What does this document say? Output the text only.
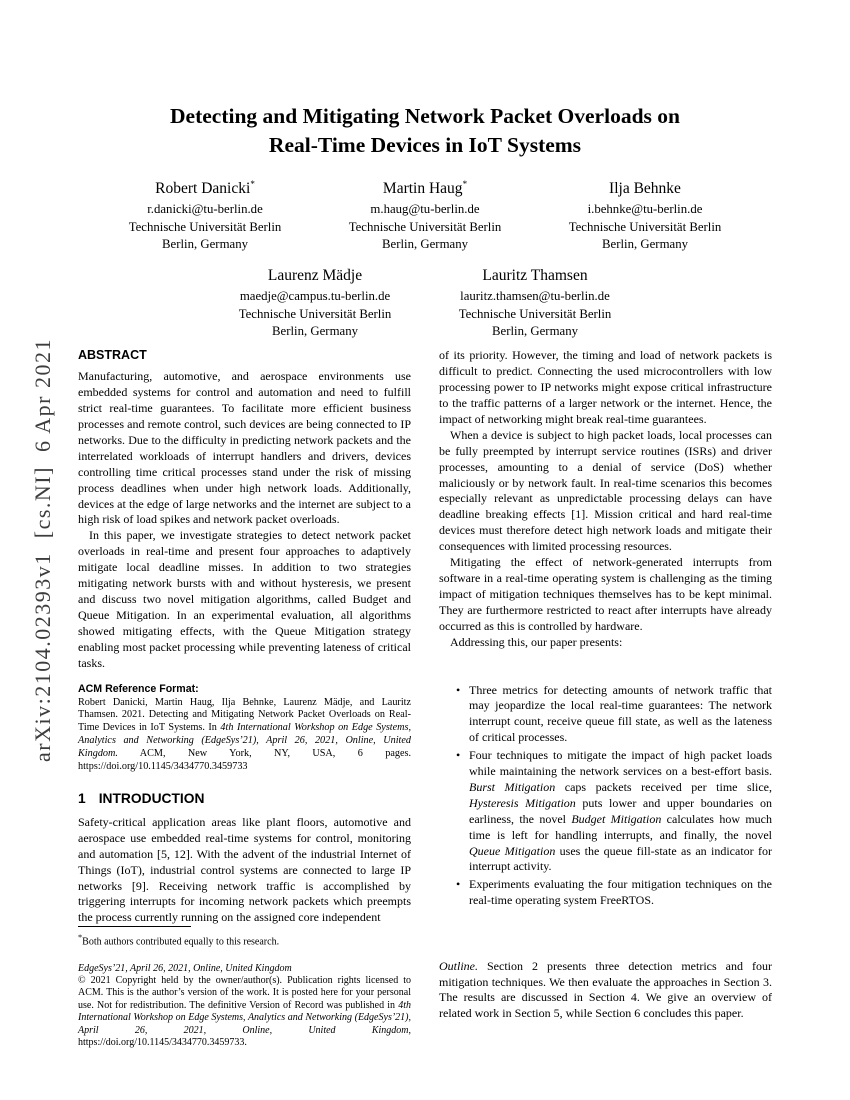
arXiv:2104.02393v1  [cs.NI]  6 Apr 2021
Detecting and Mitigating Network Packet Overloads on
Real-Time Devices in IoT Systems
Robert Danicki*
r.danicki@tu-berlin.de
Technische Universität Berlin
Berlin, Germany
Martin Haug*
m.haug@tu-berlin.de
Technische Universität Berlin
Berlin, Germany
Ilja Behnke
i.behnke@tu-berlin.de
Technische Universität Berlin
Berlin, Germany
Laurenz Mädje
maedje@campus.tu-berlin.de
Technische Universität Berlin
Berlin, Germany
Lauritz Thamsen
lauritz.thamsen@tu-berlin.de
Technische Universität Berlin
Berlin, Germany
ABSTRACT

Manufacturing, automotive, and aerospace environments use embedded systems for control and automation and need to fulfill strict real-time guarantees. To facilitate more efficient business processes and remote control, such devices are being connected to IP networks. Due to the difficulty in predicting network packets and the interrelated workloads of interrupt handlers and drivers, devices controlling time critical processes stand under the risk of missing process deadlines when under high network loads. Additionally, devices at the edge of large networks and the internet are subject to a high risk of load spikes and network packet overloads.

In this paper, we investigate strategies to detect network packet overloads in real-time and present four approaches to adaptively mitigate local deadline misses. In addition to two strategies mitigating network bursts with and without hysteresis, we present and discuss two novel mitigation algorithms, called Budget and Queue Mitigation. In an experimental evaluation, all algorithms showed mitigating effects, with the Queue Mitigation strategy enabling most packet processing while preventing lateness of critical tasks.

ACM Reference Format:

Robert Danicki, Martin Haug, Ilja Behnke, Laurenz Mädje, and Lauritz Thamsen. 2021. Detecting and Mitigating Network Packet Overloads on Real-Time Devices in IoT Systems. In 4th International Workshop on Edge Systems, Analytics and Networking (EdgeSys’21), April 26, 2021, Online, United Kingdom. ACM, New York, NY, USA, 6 pages. https://doi.org/10.1145/3434770.3459733

1 INTRODUCTION

Safety-critical application areas like plant floors, automotive and aerospace use embedded real-time systems for control, monitoring and automation [5, 12]. With the advent of the industrial Internet of Things (IoT), industrial control systems are connected to large IP networks [9]. Receiving network traffic is accomplished by triggering interrupts for incoming network packets which preempts the process currently running on the assigned core independent

*Both authors contributed equally to this research.

EdgeSys’21, April 26, 2021, Online, United Kingdom

© 2021 Copyright held by the owner/author(s). Publication rights licensed to ACM. This is the author’s version of the work. It is posted here for your personal use. Not for redistribution. The definitive Version of Record was published in 4th International Workshop on Edge Systems, Analytics and Networking (EdgeSys’21), April 26, 2021, Online, United Kingdom, https://doi.org/10.1145/3434770.3459733.

of its priority. However, the timing and load of network packets is difficult to predict. Connecting the used microcontrollers with low processing power to IP networks might expose critical infrastructure to the traffic patterns of a larger network or the internet. Hence, the impact of networking might break real-time guarantees.

When a device is subject to high packet loads, local processes can be fully preempted by interrupt service routines (ISRs) and driver processes, amounting to a denial of service (DoS) whether maliciously or by network fault. In real-time scenarios this becomes especially relevant as unpredictable processing delays can have deadline breaking effects [1]. Mission critical and hard real-time devices must therefore detect high network loads and mitigate their consequences with limited processing resources.

Mitigating the effect of network-generated interrupts from software in a real-time operating system is challenging as the timing impact of mitigation techniques themselves has to be kept minimal. They are furthermore restricted to react after interrupts have already occurred as this is controlled by hardware.

Addressing this, our paper presents:

• Three metrics for detecting amounts of network traffic that may jeopardize the local real-time guarantees: The network interrupt count, receive queue fill state, as well as the lateness of critical processes.
• Four techniques to mitigate the impact of high packet loads while maintaining the network services on a best-effort basis. Burst Mitigation caps packets received per time slice, Hysteresis Mitigation puts lower and upper boundaries on earliness, the novel Budget Mitigation calculates how much time is left for handling interrupts, and finally, the novel Queue Mitigation uses the queue fill-state as an indicator for interrupt activity.
• Experiments evaluating the four mitigation techniques on the real-time operating system FreeRTOS.

Outline. Section 2 presents three detection metrics and four mitigation techniques. We then evaluate the approaches in Section 3. The results are discussed in Section 4. We give an overview of related work in Section 5, while Section 6 concludes this paper.
